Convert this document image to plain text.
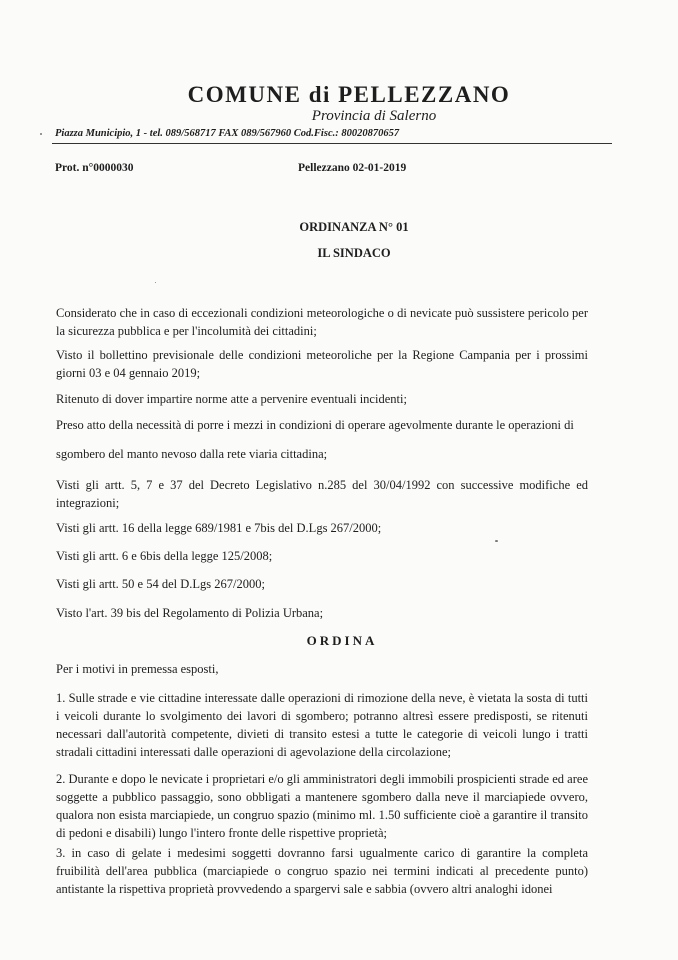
COMUNE di PELLEZZANO
Provincia di Salerno
Piazza Municipio, 1 - tel. 089/568717 FAX 089/567960 Cod.Fisc.: 80020870657
Prot. n°0000030	Pellezzano 02-01-2019
ORDINANZA N° 01
IL SINDACO
Considerato che in caso di eccezionali condizioni meteorologiche o di nevicate può sussistere pericolo per la sicurezza pubblica e per l'incolumità dei cittadini;
Visto il bollettino previsionale delle condizioni meteoroliche per la Regione Campania per i prossimi giorni 03 e 04 gennaio 2019;
Ritenuto di dover impartire norme atte a pervenire eventuali incidenti;
Preso atto della necessità di porre i mezzi in condizioni di operare agevolmente durante le operazioni di
sgombero del manto nevoso dalla rete viaria cittadina;
Visti gli artt. 5, 7 e 37 del Decreto Legislativo n.285 del 30/04/1992 con successive modifiche ed integrazioni;
Visti gli artt. 16 della legge 689/1981 e 7bis del D.Lgs 267/2000;
Visti gli artt. 6 e 6bis della legge 125/2008;
Visti gli artt. 50 e 54 del D.Lgs 267/2000;
Visto l'art. 39 bis del Regolamento di Polizia Urbana;
ORDINA
Per i motivi in premessa esposti,
1. Sulle strade e vie cittadine interessate dalle operazioni di rimozione della neve, è vietata la sosta di tutti i veicoli durante lo svolgimento dei lavori di sgombero; potranno altresì essere predisposti, se ritenuti necessari dall'autorità competente, divieti di transito estesi a tutte le categorie di veicoli lungo i tratti stradali cittadini interessati dalle operazioni di agevolazione della circolazione;
2. Durante e dopo le nevicate i proprietari e/o gli amministratori degli immobili prospicienti strade ed aree soggette a pubblico passaggio, sono obbligati a mantenere sgombero dalla neve il marciapiede ovvero, qualora non esista marciapiede, un congruo spazio (minimo ml. 1.50 sufficiente cioè a garantire il transito di pedoni e disabili) lungo l'intero fronte delle rispettive proprietà;
3. in caso di gelate i medesimi soggetti dovranno farsi ugualmente carico di garantire la completa fruibilità dell'area pubblica (marciapiede o congruo spazio nei termini indicati al precedente punto) antistante la rispettiva proprietà provvedendo a spargervi sale e sabbia (ovvero altri analoghi idonei
